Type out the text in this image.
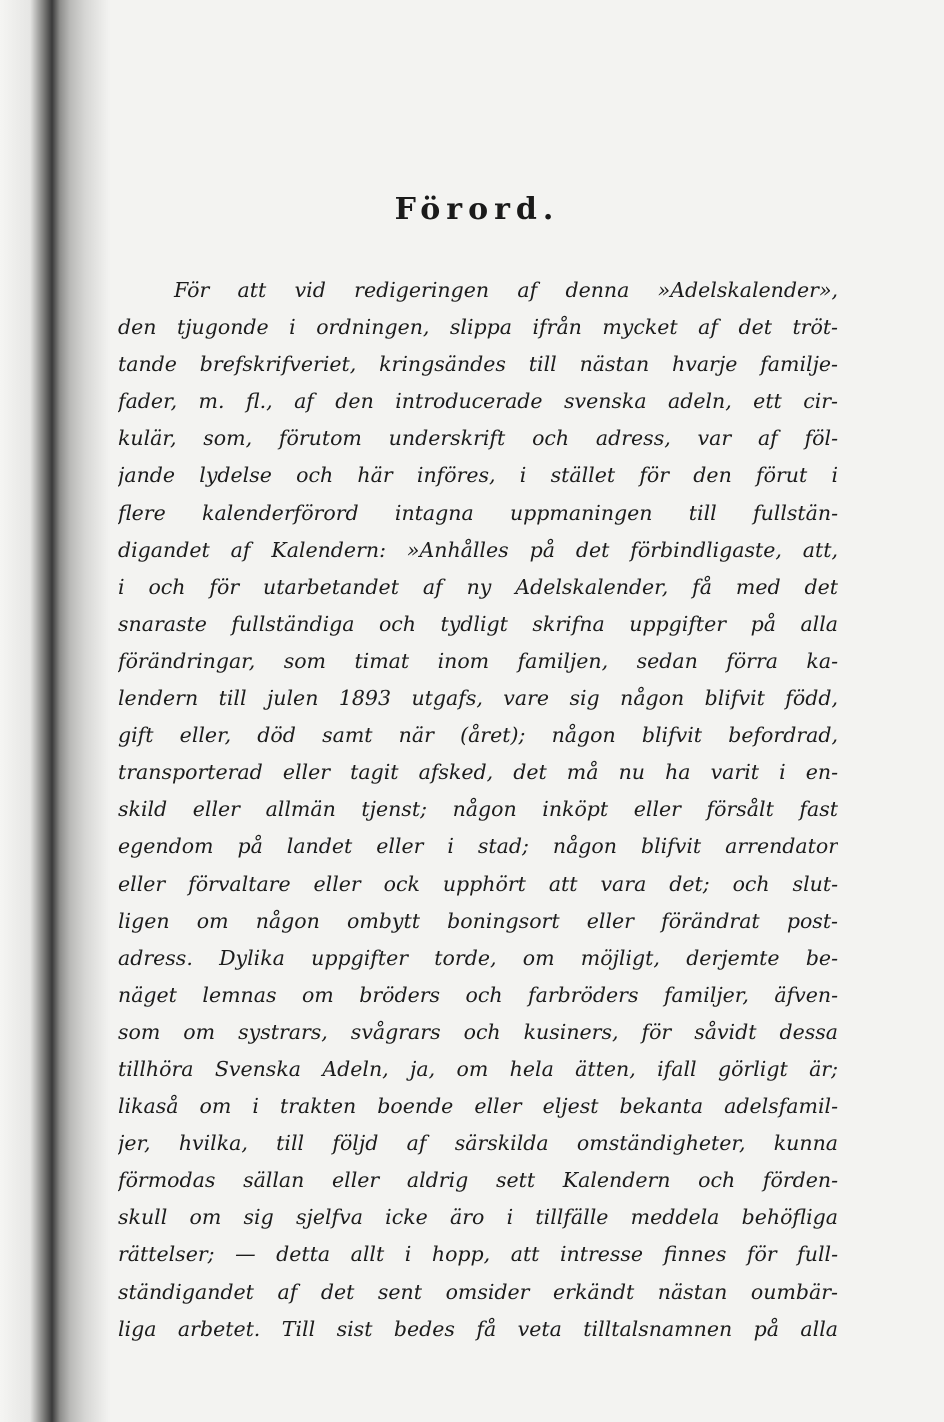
Förord.
För att vid redigeringen af denna »Adelskalender»,
den tjugonde i ordningen, slippa ifrån mycket af det tröt-
tande brefskrifveriet, kringsändes till nästan hvarje familje-
fader, m. fl., af den introducerade svenska adeln, ett cir-
kulär, som, förutom underskrift och adress, var af föl-
jande lydelse och här införes, i stället för den förut i
flere kalenderförord intagna uppmaningen till fullstän-
digandet af Kalendern: »Anhålles på det förbindligaste, att,
i och för utarbetandet af ny Adelskalender, få med det
snaraste fullständiga och tydligt skrifna uppgifter på alla
förändringar, som timat inom familjen, sedan förra ka-
lendern till julen 1893 utgafs, vare sig någon blifvit född,
gift eller, död samt när (året); någon blifvit befordrad,
transporterad eller tagit afsked, det må nu ha varit i en-
skild eller allmän tjenst; någon inköpt eller försålt fast
egendom på landet eller i stad; någon blifvit arrendator
eller förvaltare eller ock upphört att vara det; och slut-
ligen om någon ombytt boningsort eller förändrat post-
adress. Dylika uppgifter torde, om möjligt, derjemte be-
näget lemnas om bröders och farbröders familjer, äfven-
som om systrars, svågrars och kusiners, för såvidt dessa
tillhöra Svenska Adeln, ja, om hela ätten, ifall görligt är;
likaså om i trakten boende eller eljest bekanta adelsfamil-
jer, hvilka, till följd af särskilda omständigheter, kunna
förmodas sällan eller aldrig sett Kalendern och förden-
skull om sig sjelfva icke äro i tillfälle meddela behöfliga
rättelser; — detta allt i hopp, att intresse finnes för full-
ständigandet af det sent omsider erkändt nästan oumbär-
liga arbetet. Till sist bedes få veta tilltalsnamnen på alla
